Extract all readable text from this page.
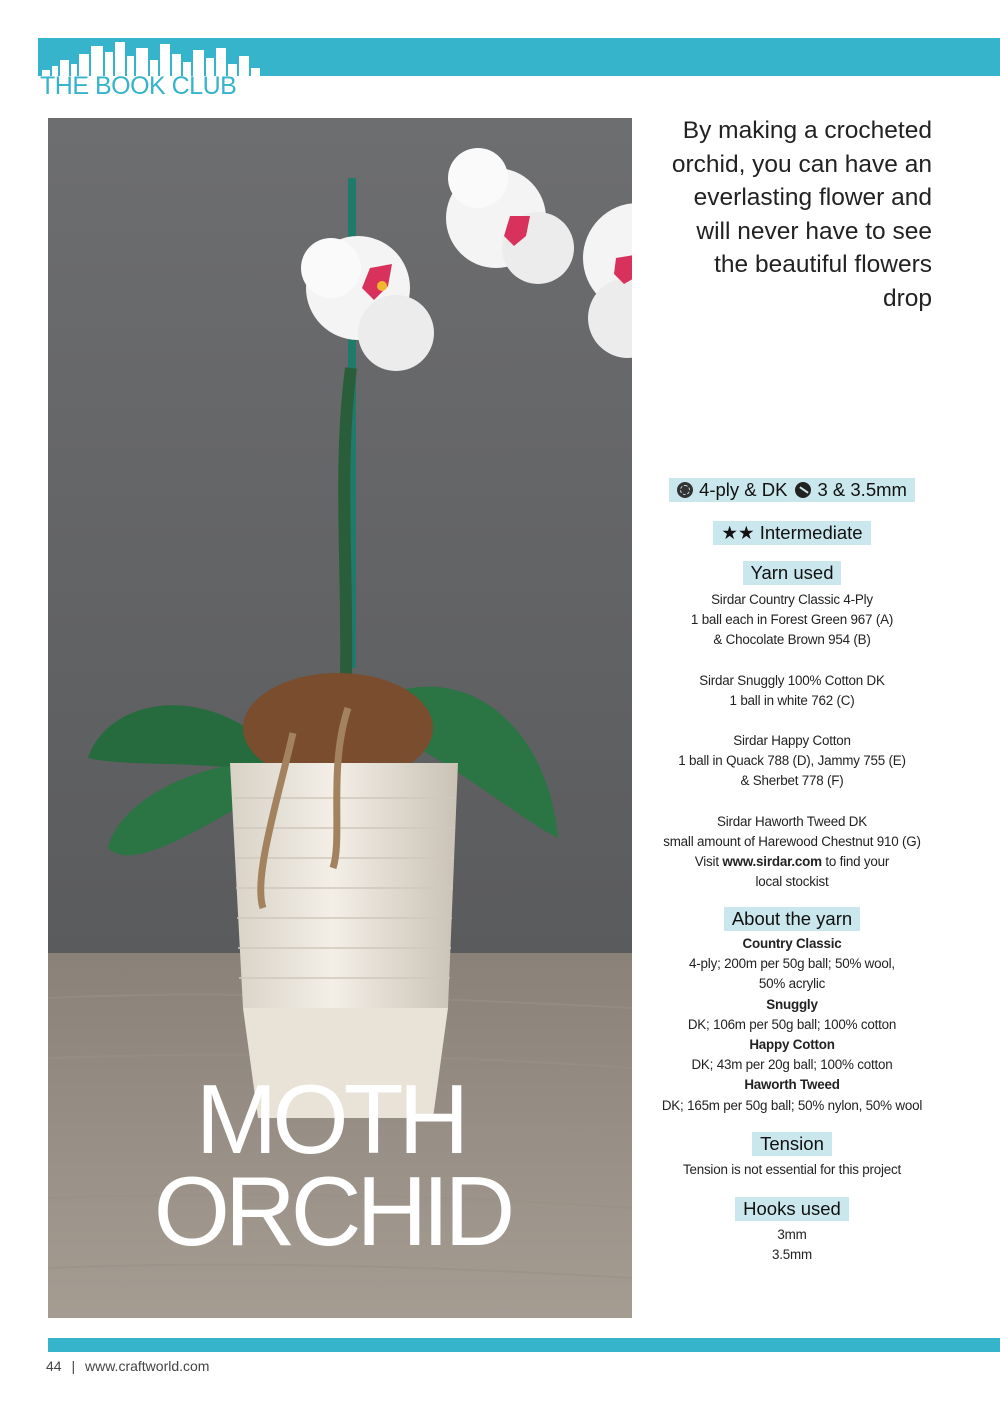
THE BOOK CLUB
MOTH
ORCHID
By making a crocheted orchid, you can have an everlasting flower and will never have to see the beautiful flowers drop
4-ply & DK 3 & 3.5mm
★★ Intermediate
Yarn used
Sirdar Country Classic 4-Ply
1 ball each in Forest Green 967 (A)
& Chocolate Brown 954 (B)
Sirdar Snuggly 100% Cotton DK
1 ball in white 762 (C)
Sirdar Happy Cotton
1 ball in Quack 788 (D), Jammy 755 (E)
& Sherbet 778 (F)
Sirdar Haworth Tweed DK
small amount of Harewood Chestnut 910 (G)
Visit www.sirdar.com to find your
local stockist
About the yarn
Country Classic
4-ply; 200m per 50g ball; 50% wool,
50% acrylic
Snuggly
DK; 106m per 50g ball; 100% cotton
Happy Cotton
DK; 43m per 20g ball; 100% cotton
Haworth Tweed
DK; 165m per 50g ball; 50% nylon, 50% wool
Tension
Tension is not essential for this project
Hooks used
3mm
3.5mm
44 | www.craftworld.com
